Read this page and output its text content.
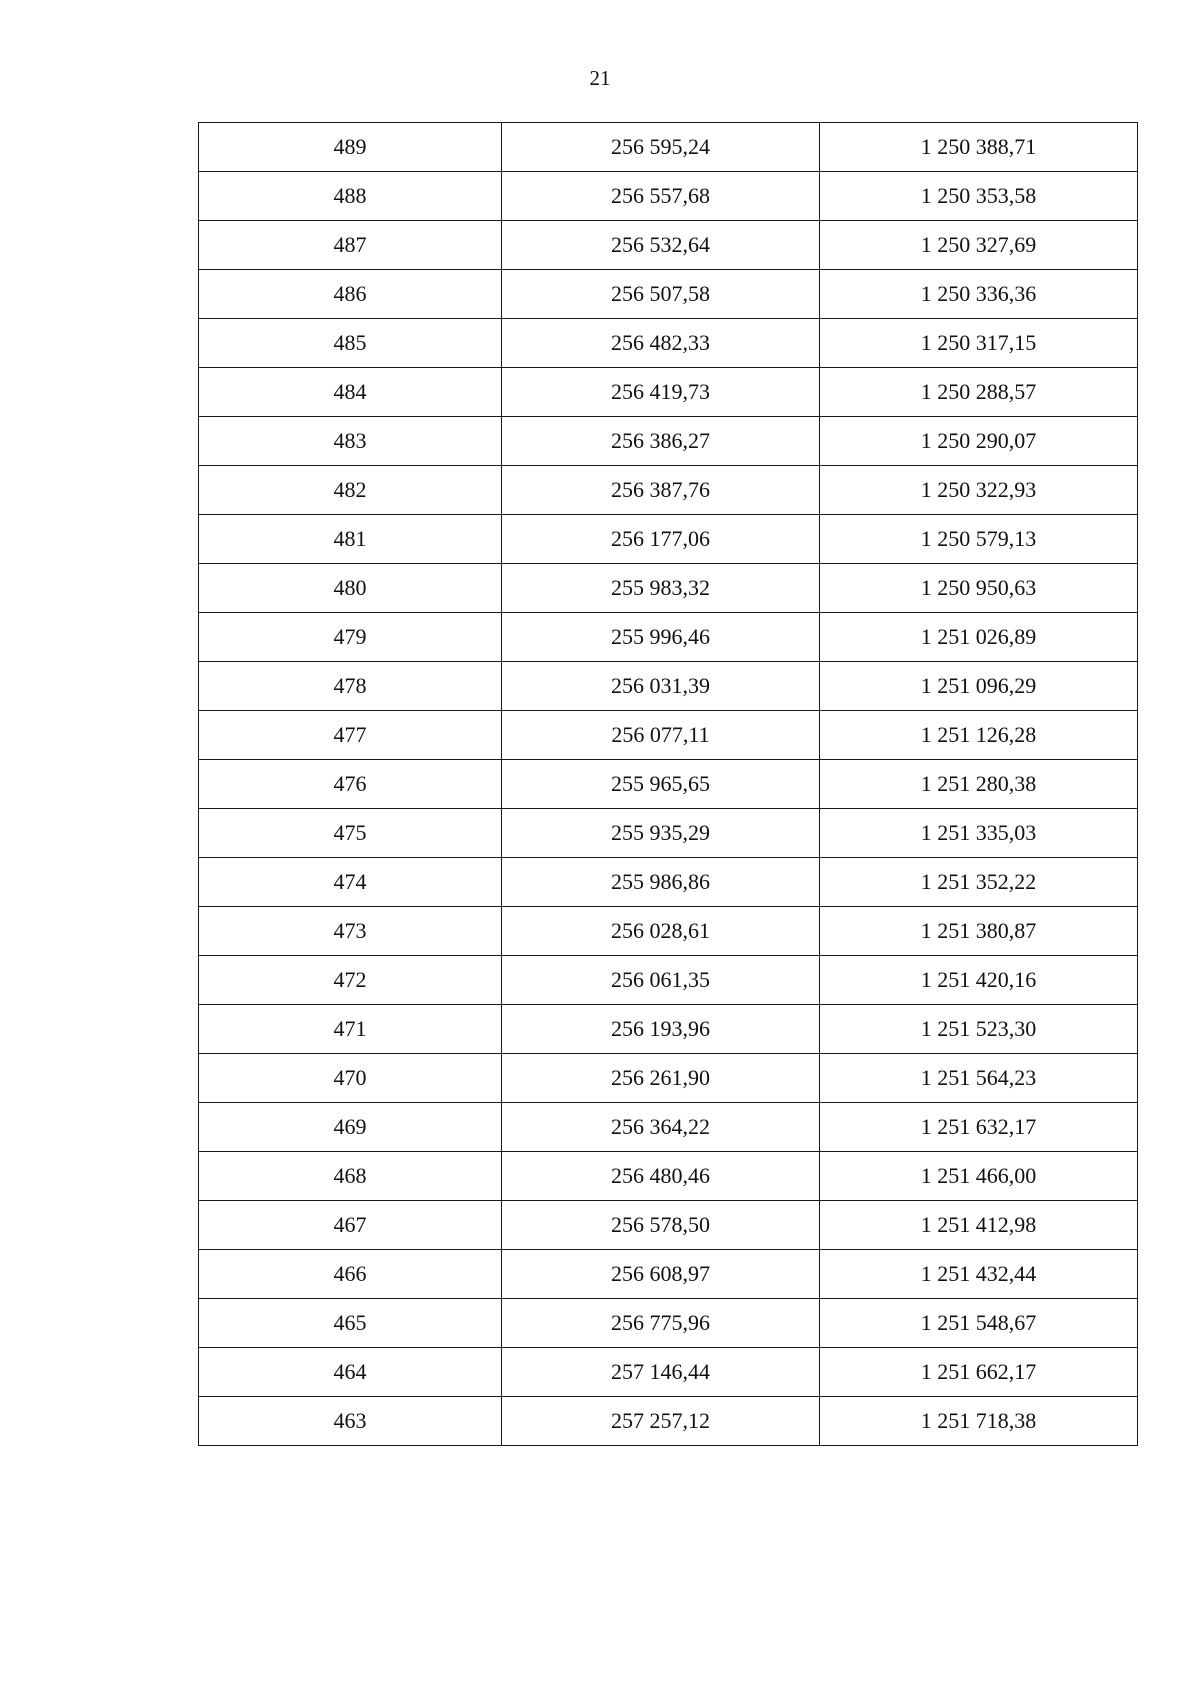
21
489	256 595,24	1 250 388,71
488	256 557,68	1 250 353,58
487	256 532,64	1 250 327,69
486	256 507,58	1 250 336,36
485	256 482,33	1 250 317,15
484	256 419,73	1 250 288,57
483	256 386,27	1 250 290,07
482	256 387,76	1 250 322,93
481	256 177,06	1 250 579,13
480	255 983,32	1 250 950,63
479	255 996,46	1 251 026,89
478	256 031,39	1 251 096,29
477	256 077,11	1 251 126,28
476	255 965,65	1 251 280,38
475	255 935,29	1 251 335,03
474	255 986,86	1 251 352,22
473	256 028,61	1 251 380,87
472	256 061,35	1 251 420,16
471	256 193,96	1 251 523,30
470	256 261,90	1 251 564,23
469	256 364,22	1 251 632,17
468	256 480,46	1 251 466,00
467	256 578,50	1 251 412,98
466	256 608,97	1 251 432,44
465	256 775,96	1 251 548,67
464	257 146,44	1 251 662,17
463	257 257,12	1 251 718,38
